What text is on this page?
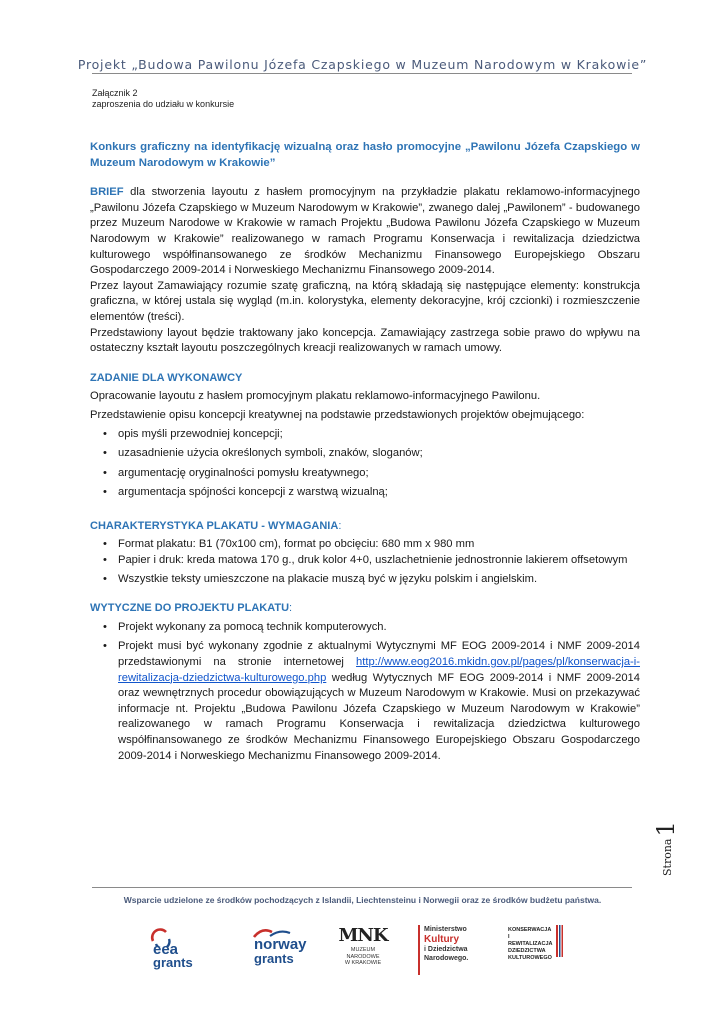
Projekt „Budowa Pawilonu Józefa Czapskiego w Muzeum Narodowym w Krakowie”
Załącznik 2
zaproszenia do udziału w konkursie

Konkurs graficzny na identyfikację wizualną oraz hasło promocyjne „Pawilonu Józefa Czapskiego w Muzeum Narodowym w Krakowie”

BRIEF dla stworzenia layoutu z hasłem promocyjnym na przykładzie plakatu reklamowo-informacyjnego „Pawilonu Józefa Czapskiego w Muzeum Narodowym w Krakowie”, zwanego dalej „Pawilonem” - budowanego przez Muzeum Narodowe w Krakowie w ramach Projektu „Budowa Pawilonu Józefa Czapskiego w Muzeum Narodowym w Krakowie” realizowanego w ramach Programu Konserwacja i rewitalizacja dziedzictwa kulturowego współfinansowanego ze środków Mechanizmu Finansowego Europejskiego Obszaru Gospodarczego 2009-2014 i Norweskiego Mechanizmu Finansowego 2009-2014.

Przez layout Zamawiający rozumie szatę graficzną, na którą składają się następujące elementy: konstrukcja graficzna, w której ustala się wygląd (m.in. kolorystyka, elementy dekoracyjne, krój czcionki) i rozmieszczenie elementów (treści).

Przedstawiony layout będzie traktowany jako koncepcja. Zamawiający zastrzega sobie prawo do wpływu na ostateczny kształt layoutu poszczególnych kreacji realizowanych w ramach umowy.

ZADANIE DLA WYKONAWCY

Opracowanie layoutu z hasłem promocyjnym plakatu reklamowo-informacyjnego Pawilonu.

Przedstawienie opisu koncepcji kreatywnej na podstawie przedstawionych projektów obejmującego:

• opis myśli przewodniej koncepcji;
• uzasadnienie użycia określonych symboli, znaków, sloganów;
• argumentację oryginalności pomysłu kreatywnego;
• argumentacja spójności koncepcji z warstwą wizualną;

CHARAKTERYSTYKA PLAKATU - WYMAGANIA:

• Format plakatu: B1 (70x100 cm), format po obcięciu: 680 mm x 980 mm
• Papier i druk: kreda matowa 170 g., druk kolor 4+0, uszlachetnienie jednostronnie lakierem offsetowym
• Wszystkie teksty umieszczone na plakacie muszą być w języku polskim i angielskim.

WYTYCZNE DO PROJEKTU PLAKATU:

• Projekt wykonany za pomocą technik komputerowych.
• Projekt musi być wykonany zgodnie z aktualnymi Wytycznymi MF EOG 2009-2014 i NMF 2009-2014 przedstawionymi na stronie internetowej http://www.eog2016.mkidn.gov.pl/pages/pl/konserwacja-i-rewitalizacja-dziedzictwa-kulturowego.php według Wytycznych MF EOG 2009-2014 i NMF 2009-2014 oraz wewnętrznych procedur obowiązujących w Muzeum Narodowym w Krakowie. Musi on przekazywać informacje nt. Projektu „Budowa Pawilonu Józefa Czapskiego w Muzeum Narodowym w Krakowie” realizowanego w ramach Programu Konserwacja i rewitalizacja dziedzictwa kulturowego współfinansowanego ze środków Mechanizmu Finansowego Europejskiego Obszaru Gospodarczego 2009-2014 i Norweskiego Mechanizmu Finansowego 2009-2014.
Strona1
Wsparcie udzielone ze środków pochodzących z Islandii, Liechtensteinu i Norwegii oraz ze środków budżetu państwa.
eea
grants
norway
grants
MNK
MUZEUM
NARODOWE
W KRAKOWIE
Ministerstwo
Kultury
i Dziedzictwa
Narodowego.
KONSERWACJA
I REWITALIZACJA
DZIEDZICTWA
KULTUROWEGO
